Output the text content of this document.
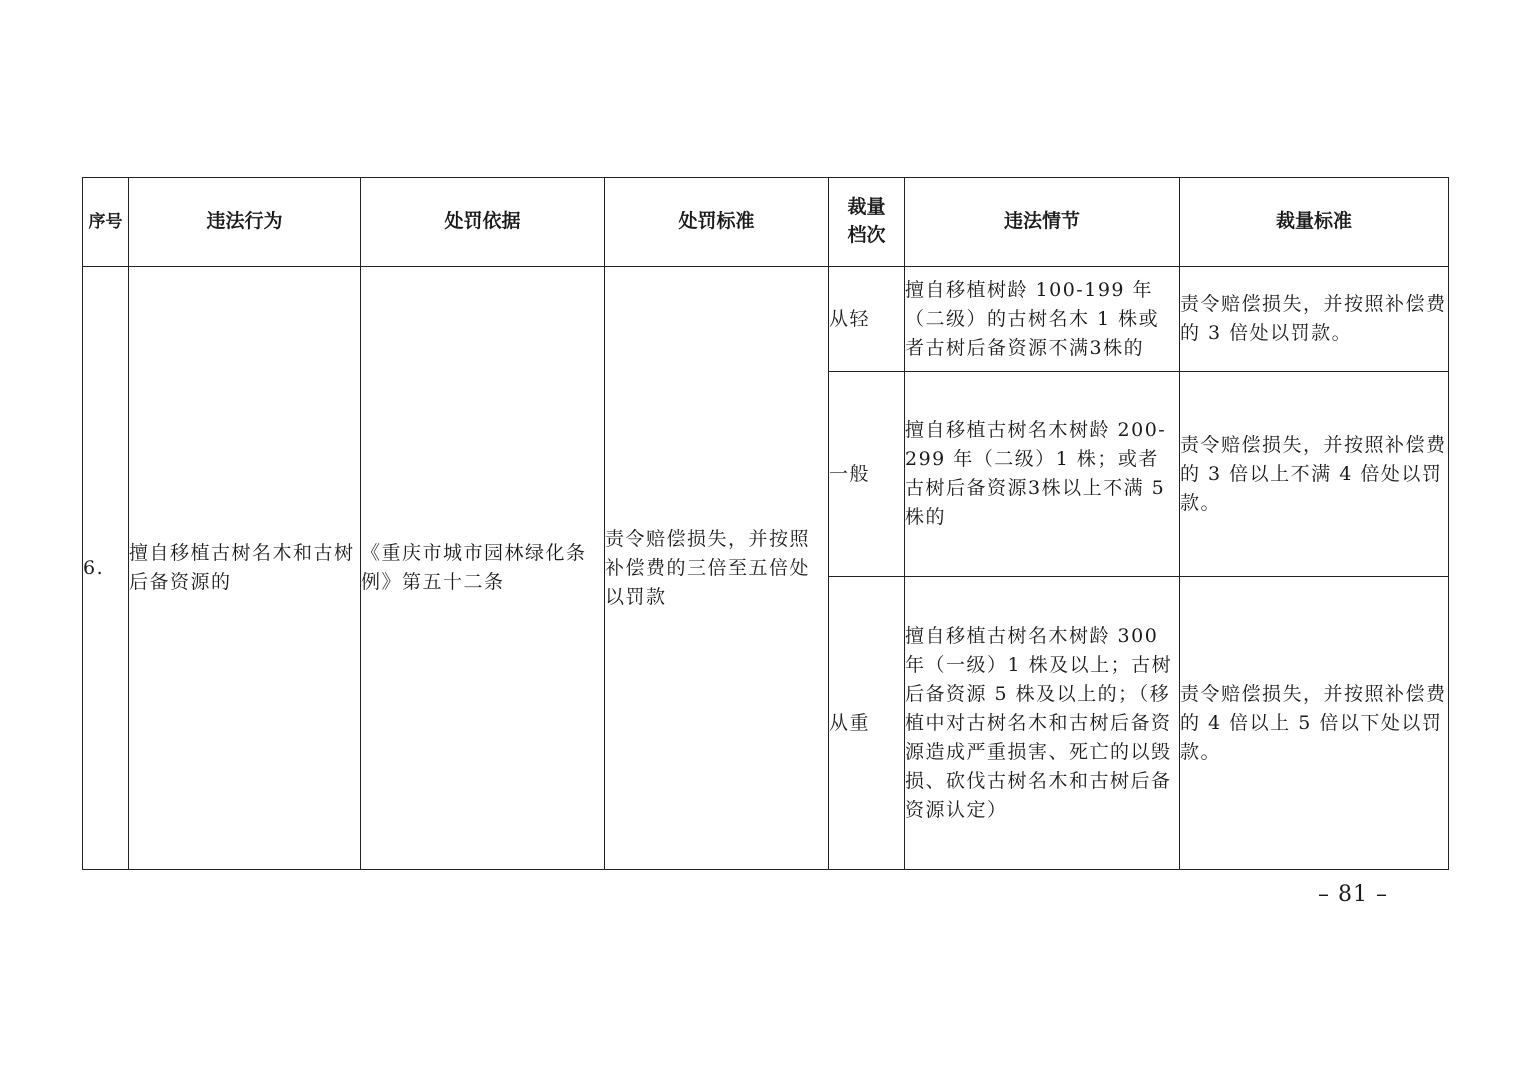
序号	违法行为	处罚依据	处罚标准	裁量档次	违法情节	裁量标准
6.	擅自移植古树名木和古树后备资源的	《重庆市城市园林绿化条例》第五十二条	责令赔偿损失，并按照补偿费的三倍至五倍处以罚款	从轻	擅自移植树龄 100-199 年（二级）的古树名木 1 株或者古树后备资源不满3株的	责令赔偿损失，并按照补偿费的 3 倍处以罚款。
				一般	擅自移植古树名木树龄 200-299 年（二级）1 株；或者古树后备资源3株以上不满 5 株的	责令赔偿损失，并按照补偿费的 3 倍以上不满 4 倍处以罚款。
				从重	擅自移植古树名木树龄 300 年（一级）1 株及以上；古树后备资源 5 株及以上的；（移植中对古树名木和古树后备资源造成严重损害、死亡的以毁损、砍伐古树名木和古树后备资源认定）	责令赔偿损失，并按照补偿费的 4 倍以上 5 倍以下处以罚款。
– 81 –
